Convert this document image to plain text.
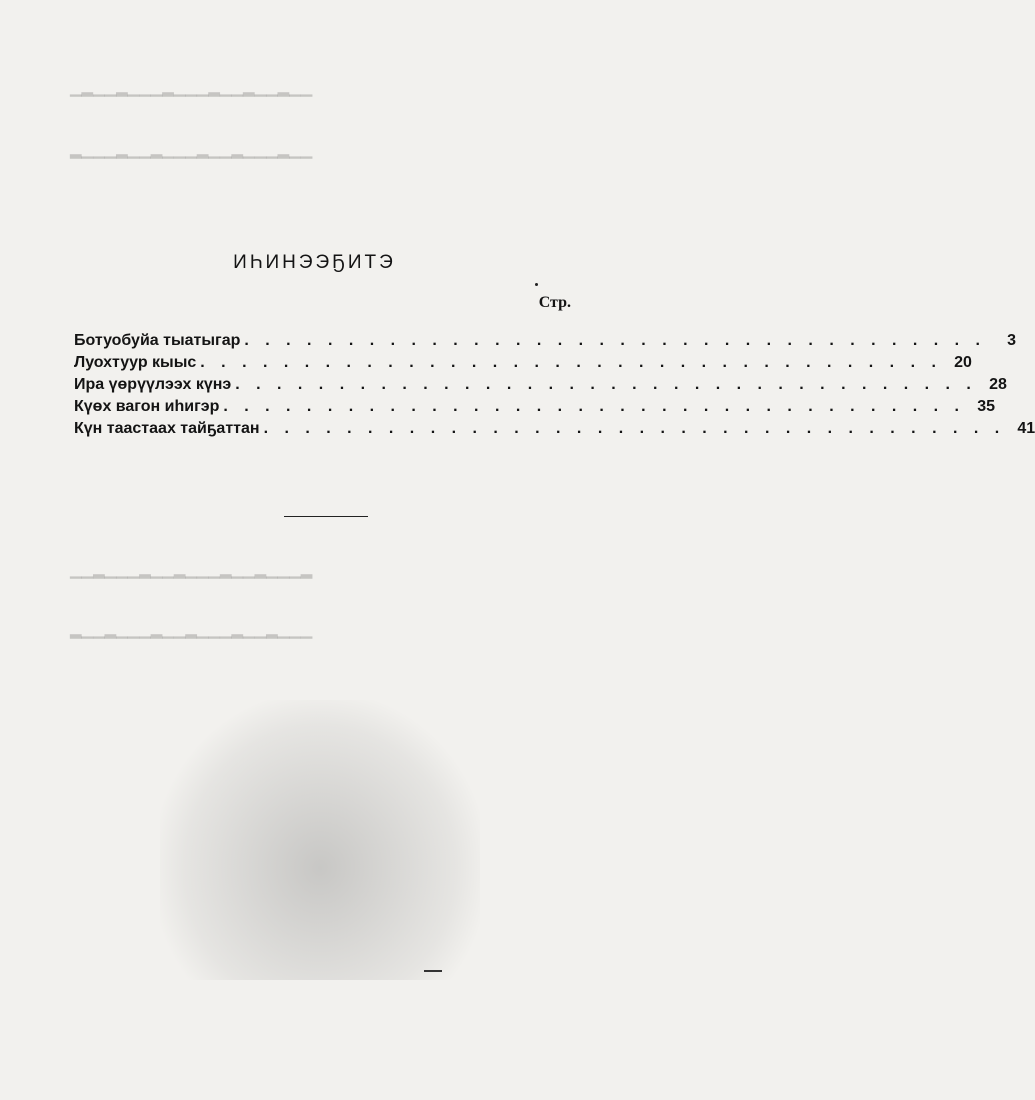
▁▂▁▁▂▁▁▁▂▁▁▁▂▁▁▂▁▁▂▁▁
▂▁▁▁▂▁▁▂▁▁▁▂▁▁▂▁▁▁▂▁▁
▁▁▂▁▁▁▂▁▁▂▁▁▁▂▁▁▂▁▁▁▂
▂▁▁▂▁▁▁▂▁▁▂▁▁▁▂▁▁▂▁▁▁
ИҺИНЭЭҔИТЭ
Стр.
Ботуобуйа тыатыгар . . . . . . . . . . . . . . . . . . . . . . . . . . . . . . . . . . . .	3
Луохтуур кыыс . . . . . . . . . . . . . . . . . . . . . . . . . . . . . . . . . . . . 20
Ира үөрүүлээх күнэ . . . . . . . . . . . . . . . . . . . . . . . . . . . . . . . . . . . . 28
Күөх вагон иһигэр . . . . . . . . . . . . . . . . . . . . . . . . . . . . . . . . . . . . 35
Күн таастаах тайҕаттан . . . . . . . . . . . . . . . . . . . . . . . . . . . . . . . . . . . . 41
